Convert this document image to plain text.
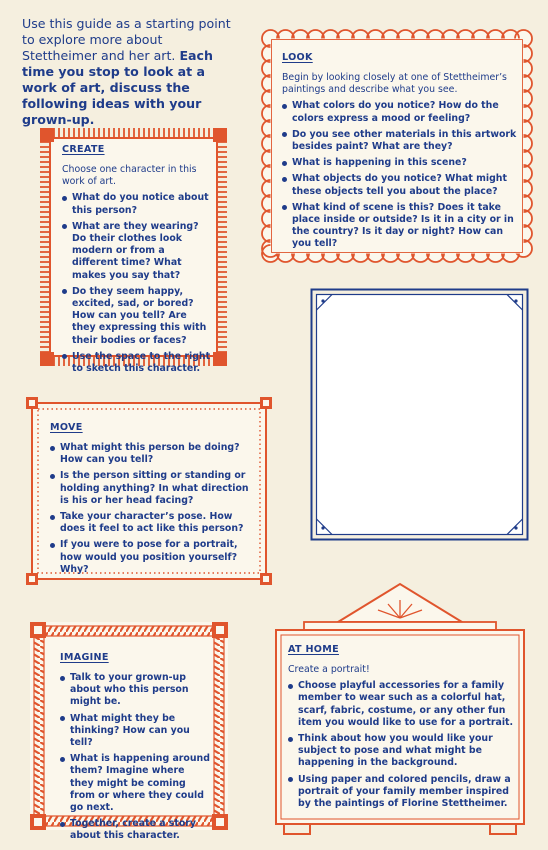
Use this guide as a starting point to explore more about Stettheimer and her art. Each time you stop to look at a work of art, discuss the following ideas with your grown-up.
LOOK

Begin by looking closely at one of Stettheimer’s paintings and describe what you see.

What colors do you notice? How do the colors express a mood or feeling?
Do you see other materials in this artwork besides paint? What are they?
What is happening in this scene?
What objects do you notice? What might these objects tell you about the place?
What kind of scene is this? Does it take place inside or outside? Is it in a city or in the country? Is it day or night? How can you tell?
CREATE

Choose one character in this work of art.

What do you notice about this person?
What are they wearing? Do their clothes look modern or from a different time? What makes you say that?
Do they seem happy, excited, sad, or bored? How can you tell? Are they expressing this with their bodies or faces?
Use the space to the right to sketch this character.
MOVE
What might this person be doing? How can you tell?
Is the person sitting or standing or holding anything? In what direction is his or her head facing?
Take your character’s pose. How does it feel to act like this person?
If you were to pose for a portrait, how would you position yourself? Why?
IMAGINE
Talk to your grown-up about who this person might be.
What might they be thinking? How can you tell?
What is happening around them? Imagine where they might be coming from or where they could go next.
Together, create a story about this character.
AT HOME

Create a portrait!

Choose playful accessories for a family member to wear such as a colorful hat, scarf, fabric, costume, or any other fun item you would like to use for a portrait.
Think about how you would like your subject to pose and what might be happening in the background.
Using paper and colored pencils, draw a portrait of your family member inspired by the paintings of Florine Stettheimer.
